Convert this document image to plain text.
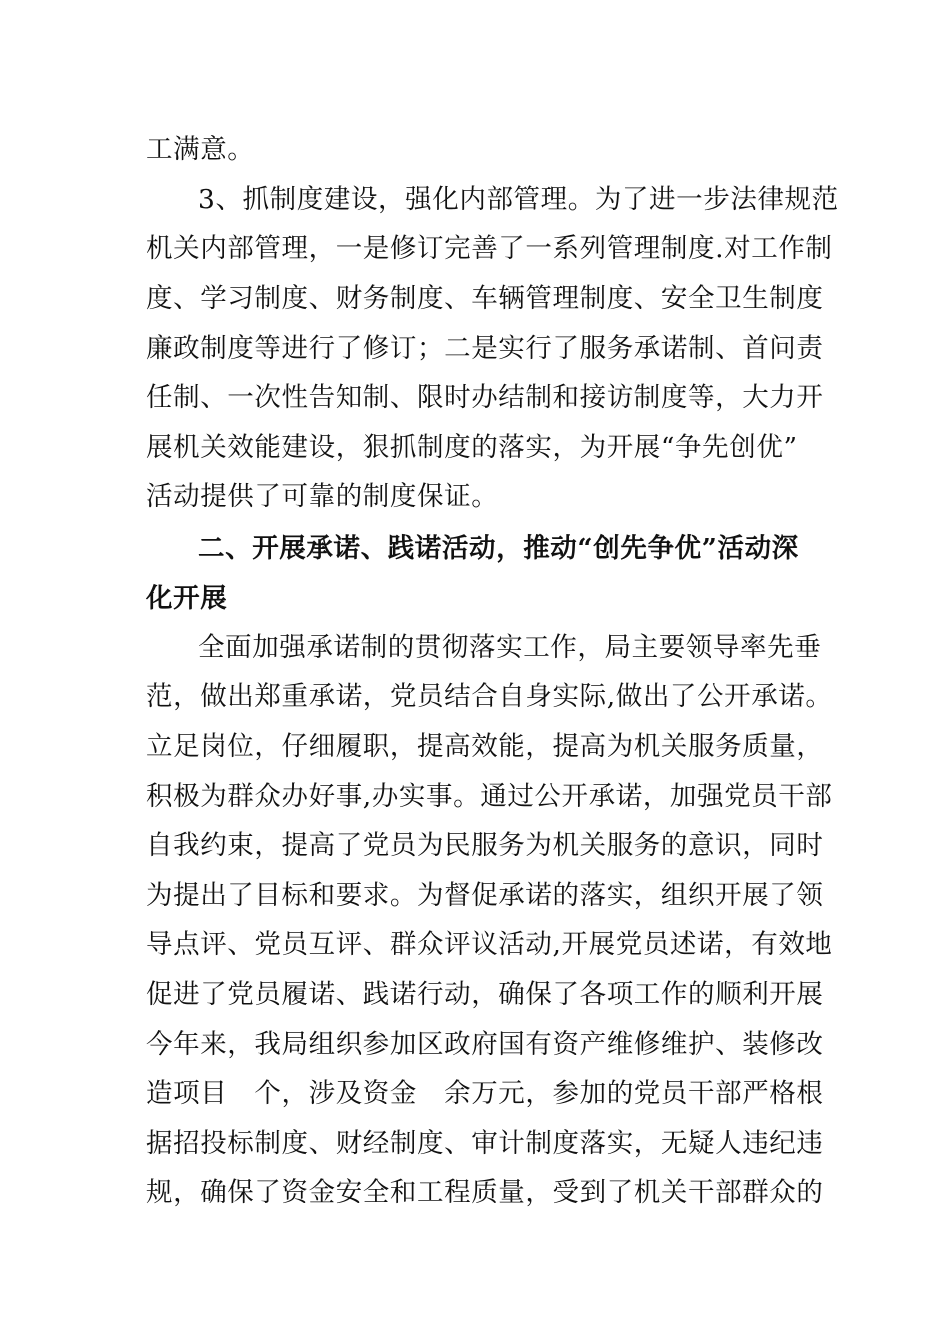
工满意。
3、抓制度建设，强化内部管理。为了进一步法律规范
机关内部管理，一是修订完善了一系列管理制度.对工作制
度、学习制度、财务制度、车辆管理制度、安全卫生制度
廉政制度等进行了修订；二是实行了服务承诺制、首问责
任制、一次性告知制、限时办结制和接访制度等，大力开
展机关效能建设，狠抓制度的落实，为开展“争先创优”
活动提供了可靠的制度保证。
二、开展承诺、践诺活动，推动“创先争优”活动深
化开展
全面加强承诺制的贯彻落实工作，局主要领导率先垂
范，做出郑重承诺，党员结合自身实际,做出了公开承诺。
立足岗位，仔细履职，提高效能，提高为机关服务质量，
积极为群众办好事,办实事。通过公开承诺，加强党员干部
自我约束，提高了党员为民服务为机关服务的意识，同时
为提出了目标和要求。为督促承诺的落实，组织开展了领
导点评、党员互评、群众评议活动,开展党员述诺，有效地
促进了党员履诺、践诺行动，确保了各项工作的顺利开展
今年来，我局组织参加区政府国有资产维修维护、装修改
造项目　个，涉及资金　余万元，参加的党员干部严格根
据招投标制度、财经制度、审计制度落实，无疑人违纪违
规，确保了资金安全和工程质量，受到了机关干部群众的
